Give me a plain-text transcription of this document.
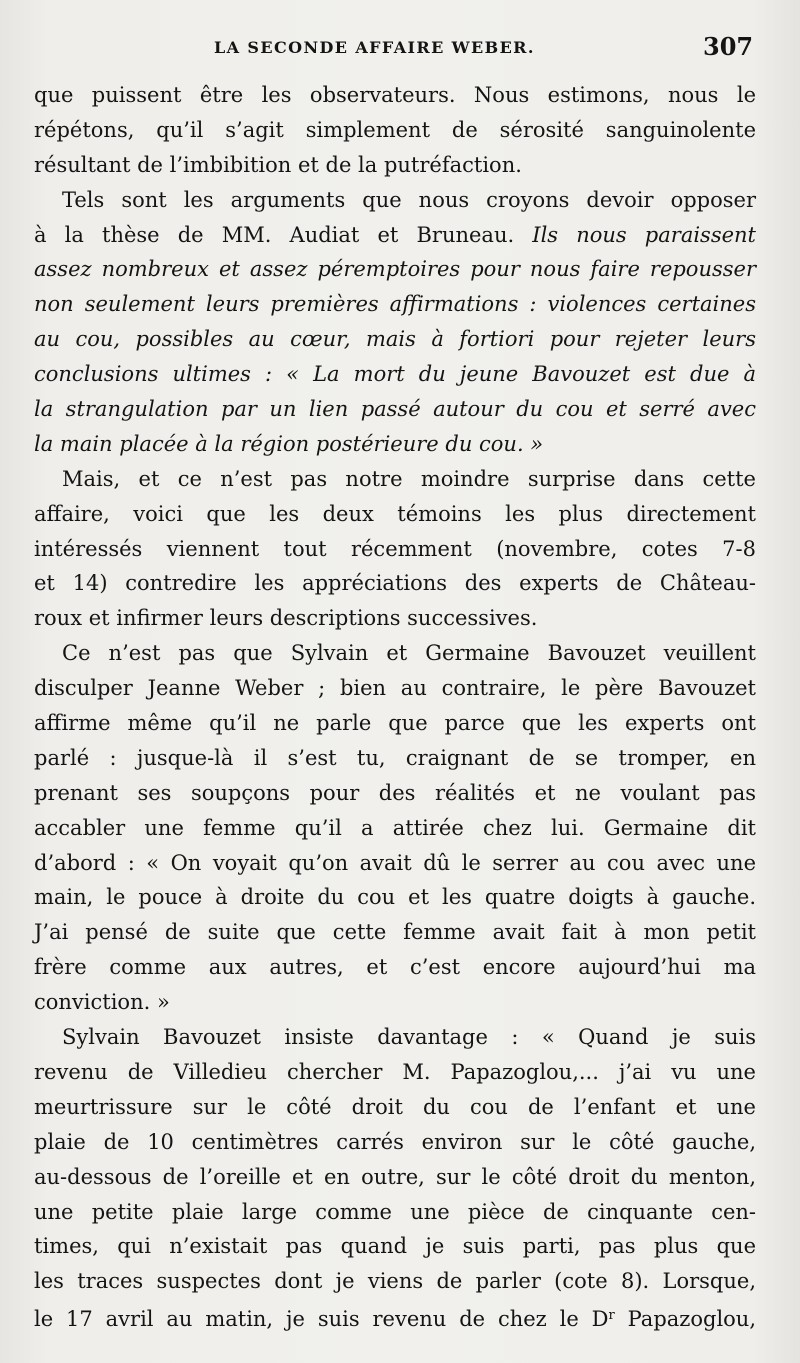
LA SECONDE AFFAIRE WEBER.	307
que puissent être les observateurs. Nous estimons, nous le
répétons, qu’il s’agit simplement de sérosité sanguinolente
résultant de l’imbibition et de la putréfaction.
Tels sont les arguments que nous croyons devoir opposer
à la thèse de MM. Audiat et Bruneau. Ils nous paraissent
assez nombreux et assez péremptoires pour nous faire repousser
non seulement leurs premières affirmations : violences certaines
au cou, possibles au cœur, mais à fortiori pour rejeter leurs
conclusions ultimes : « La mort du jeune Bavouzet est due à
la strangulation par un lien passé autour du cou et serré avec
la main placée à la région postérieure du cou. »
Mais, et ce n’est pas notre moindre surprise dans cette
affaire, voici que les deux témoins les plus directement
intéressés viennent tout récemment (novembre, cotes 7-8
et 14) contredire les appréciations des experts de Château-
roux et infirmer leurs descriptions successives.
Ce n’est pas que Sylvain et Germaine Bavouzet veuillent
disculper Jeanne Weber ; bien au contraire, le père Bavouzet
affirme même qu’il ne parle que parce que les experts ont
parlé : jusque-là il s’est tu, craignant de se tromper, en
prenant ses soupçons pour des réalités et ne voulant pas
accabler une femme qu’il a attirée chez lui. Germaine dit
d’abord : « On voyait qu’on avait dû le serrer au cou avec une
main, le pouce à droite du cou et les quatre doigts à gauche.
J’ai pensé de suite que cette femme avait fait à mon petit
frère comme aux autres, et c’est encore aujourd’hui ma
conviction. »
Sylvain Bavouzet insiste davantage : « Quand je suis
revenu de Villedieu chercher M. Papazoglou,... j’ai vu une
meurtrissure sur le côté droit du cou de l’enfant et une
plaie de 10 centimètres carrés environ sur le côté gauche,
au-dessous de l’oreille et en outre, sur le côté droit du menton,
une petite plaie large comme une pièce de cinquante cen-
times, qui n’existait pas quand je suis parti, pas plus que
les traces suspectes dont je viens de parler (cote 8). Lorsque,
le 17 avril au matin, je suis revenu de chez le $D^r$ Papazoglou,
